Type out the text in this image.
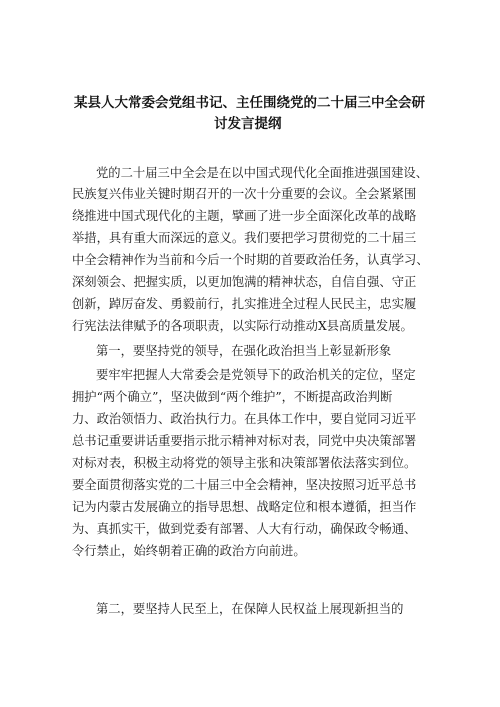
某县人大常委会党组书记、主任围绕党的二十届三中全会研
讨发言提纲
党的二十届三中全会是在以中国式现代化全面推进强国建设、
民族复兴伟业关键时期召开的一次十分重要的会议。全会紧紧围
绕推进中国式现代化的主题，擘画了进一步全面深化改革的战略
举措，具有重大而深远的意义。我们要把学习贯彻党的二十届三
中全会精神作为当前和今后一个时期的首要政治任务，认真学习、
深刻领会、把握实质，以更加饱满的精神状态，自信自强、守正
创新，踔厉奋发、勇毅前行，扎实推进全过程人民民主，忠实履
行宪法法律赋予的各项职责，以实际行动推动X县高质量发展。
第一，要坚持党的领导，在强化政治担当上彰显新形象
要牢牢把握人大常委会是党领导下的政治机关的定位，坚定
拥护“两个确立”，坚决做到“两个维护”，不断提高政治判断
力、政治领悟力、政治执行力。在具体工作中，要自觉同习近平
总书记重要讲话重要指示批示精神对标对表，同党中央决策部署
对标对表，积极主动将党的领导主张和决策部署依法落实到位。
要全面贯彻落实党的二十届三中全会精神，坚决按照习近平总书
记为内蒙古发展确立的指导思想、战略定位和根本遵循，担当作
为、真抓实干，做到党委有部署、人大有行动，确保政令畅通、
令行禁止，始终朝着正确的政治方向前进。
第二，要坚持人民至上，在保障人民权益上展现新担当的
